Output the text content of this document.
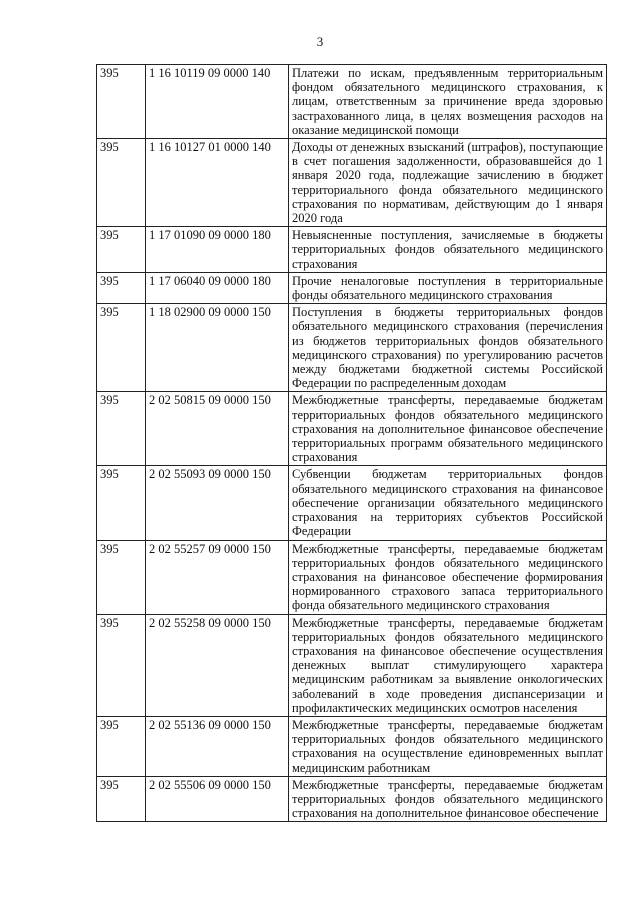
3
395	1 16 10119 09 0000 140	Платежи по искам, предъявленным территориальным фондом обязательного медицинского страхования, к лицам, ответственным за причинение вреда здоровью застрахованного лица, в целях возмещения расходов на оказание медицинской помощи
395	1 16 10127 01 0000 140	Доходы от денежных взысканий (штрафов), поступающие в счет погашения задолженности, образовавшейся до 1 января 2020 года, подлежащие зачислению в бюджет территориального фонда обязательного медицинского страхования по нормативам, действующим до 1 января 2020 года
395	1 17 01090 09 0000 180	Невыясненные поступления, зачисляемые в бюджеты территориальных фондов обязательного медицинского страхования
395	1 17 06040 09 0000 180	Прочие неналоговые поступления в территориальные фонды обязательного медицинского страхования
395	1 18 02900 09 0000 150	Поступления в бюджеты территориальных фондов обязательного медицинского страхования (перечисления из бюджетов территориальных фондов обязательного медицинского страхования) по урегулированию расчетов между бюджетами бюджетной системы Российской Федерации по распределенным доходам
395	2 02 50815 09 0000 150	Межбюджетные трансферты, передаваемые бюджетам территориальных фондов обязательного медицинского страхования на дополнительное финансовое обеспечение территориальных программ обязательного медицинского страхования
395	2 02 55093 09 0000 150	Субвенции бюджетам территориальных фондов обязательного медицинского страхования на финансовое обеспечение организации обязательного медицинского страхования на территориях субъектов Российской Федерации
395	2 02 55257 09 0000 150	Межбюджетные трансферты, передаваемые бюджетам территориальных фондов обязательного медицинского страхования на финансовое обеспечение формирования нормированного страхового запаса территориального фонда обязательного медицинского страхования
395	2 02 55258 09 0000 150	Межбюджетные трансферты, передаваемые бюджетам территориальных фондов обязательного медицинского страхования на финансовое обеспечение осуществления денежных выплат стимулирующего характера медицинским работникам за выявление онкологических заболеваний в ходе проведения диспансеризации и профилактических медицинских осмотров населения
395	2 02 55136 09 0000 150	Межбюджетные трансферты, передаваемые бюджетам территориальных фондов обязательного медицинского страхования на осуществление единовременных выплат медицинским работникам
395	2 02 55506 09 0000 150	Межбюджетные трансферты, передаваемые бюджетам территориальных фондов обязательного медицинского страхования на дополнительное финансовое обеспечение
